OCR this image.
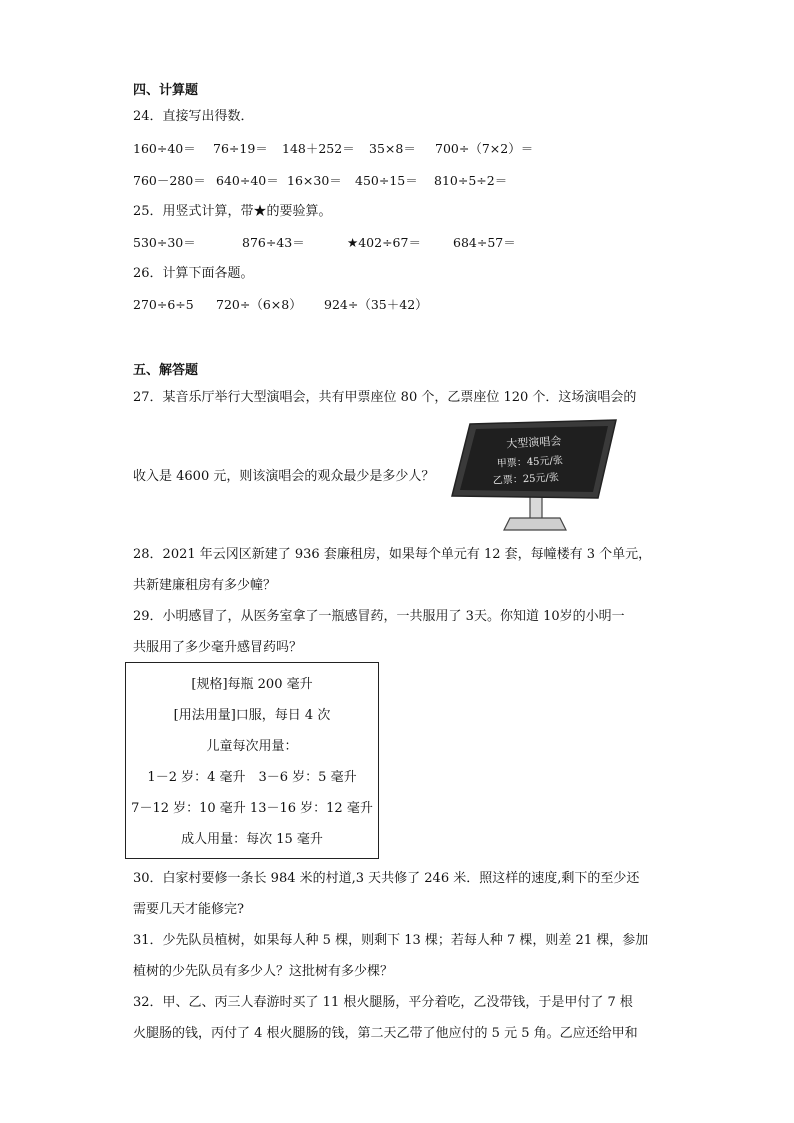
四、计算题
24．直接写出得数．
160÷40＝ 76÷19＝ 148＋252＝ 35×8＝ 700÷（7×2）＝
760－280＝ 640÷40＝ 16×30＝ 450÷15＝ 810÷5÷2＝
25．用竖式计算，带★的要验算。
530÷30＝	876÷43＝	★402÷67＝	684÷57＝
26．计算下面各题。
270÷6÷5 720÷（6×8） 924÷（35＋42）
五、解答题
27．某音乐厅举行大型演唱会，共有甲票座位 80 个，乙票座位 120 个．这场演唱会的
收入是 4600 元，则该演唱会的观众最少是多少人？
大型演唱会
甲票：45元/张
乙票：25元/张
28．2021 年云冈区新建了 936 套廉租房，如果每个单元有 12 套，每幢楼有 3 个单元，
共新建廉租房有多少幢？
29．小明感冒了，从医务室拿了一瓶感冒药，一共服用了 3天。你知道 10岁的小明一
共服用了多少毫升感冒药吗？
[规格]每瓶 200 毫升
[用法用量]口服，每日 4 次
儿童每次用量：
1－2 岁：4 毫升　3－6 岁：5 毫升
7－12 岁：10 毫升 13－16 岁：12 毫升
成人用量：每次 15 毫升
30．白家村要修一条长 984 米的村道,3 天共修了 246 米．照这样的速度,剩下的至少还
需要几天才能修完?
31．少先队员植树，如果每人种 5 棵，则剩下 13 棵；若每人种 7 棵，则差 21 棵，参加
植树的少先队员有多少人？这批树有多少棵？
32．甲、乙、丙三人春游时买了 11 根火腿肠，平分着吃，乙没带钱，于是甲付了 7 根
火腿肠的钱，丙付了 4 根火腿肠的钱，第二天乙带了他应付的 5 元 5 角。乙应还给甲和
